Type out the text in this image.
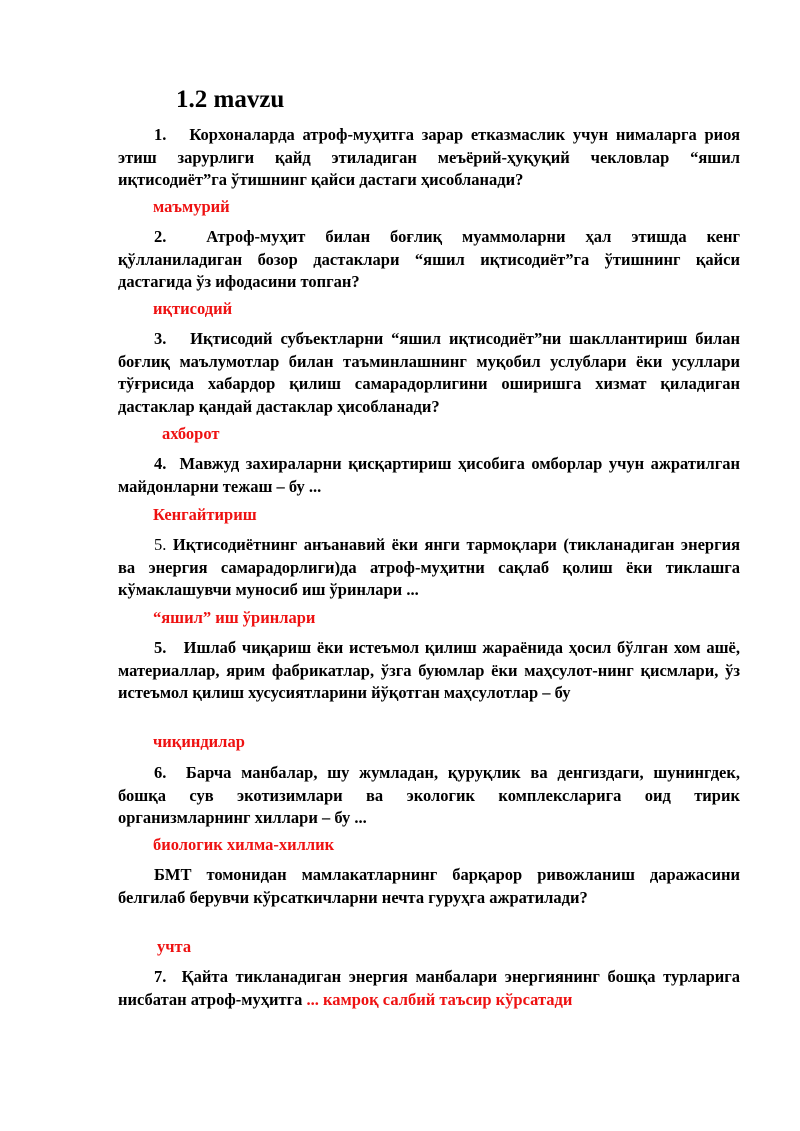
1.2 mavzu

1. Корхоналарда атроф-муҳитга зарар етказмаслик учун нималарга риоя этиш зарурлиги қайд этиладиган меъёрий-ҳуқуқий чекловлар “яшил иқтисодиёт”га ўтишнинг қайси дастаги ҳисобланади?

маъмурий

2. Атроф-муҳит билан боғлиқ муаммоларни ҳал этишда кенг қўлланиладиган бозор дастаклари “яшил иқтисодиёт”га ўтишнинг қайси дастагида ўз ифодасини топган?

иқтисодий

3. Иқтисодий субъектларни “яшил иқтисодиёт”ни шакллантириш билан боғлиқ маълумотлар билан таъминлашнинг муқобил услублари ёки усуллари тўғрисида хабардор қилиш самарадорлигини оширишга хизмат қиладиган дастаклар қандай дастаклар ҳисобланади?

ахборот

4. Мавжуд захираларни қисқартириш ҳисобига омборлар учун ажратилган майдонларни тежаш – бу ...

Кенгайтириш

5. Иқтисодиётнинг анъанавий ёки янги тармоқлари (тикланадиган энергия ва энергия самарадорлиги)да атроф-муҳитни сақлаб қолиш ёки тиклашга кўмаклашувчи муносиб иш ўринлари ...

“яшил” иш ўринлари

5. Ишлаб чиқариш ёки истеъмол қилиш жараёнида ҳосил бўлган хом ашё, материаллар, ярим фабрикатлар, ўзга буюмлар ёки маҳсулот-нинг қисмлари, ўз истеъмол қилиш хусусиятларини йўқотган маҳсулотлар – бу

чиқиндилар

6. Барча манбалар, шу жумладан, қуруқлик ва денгиздаги, шунингдек, бошқа сув экотизимлари ва экологик комплексларига оид тирик организмларнинг хиллари – бу ...

биологик хилма-хиллик

БМТ томонидан мамлакатларнинг барқарор ривожланиш даражасини белгилаб берувчи кўрсаткичларни нечта гуруҳга ажратилади?

учта

7. Қайта тикланадиган энергия манбалари энергиянинг бошқа турларига нисбатан атроф-муҳитга ... камроқ салбий таъсир кўрсатади
